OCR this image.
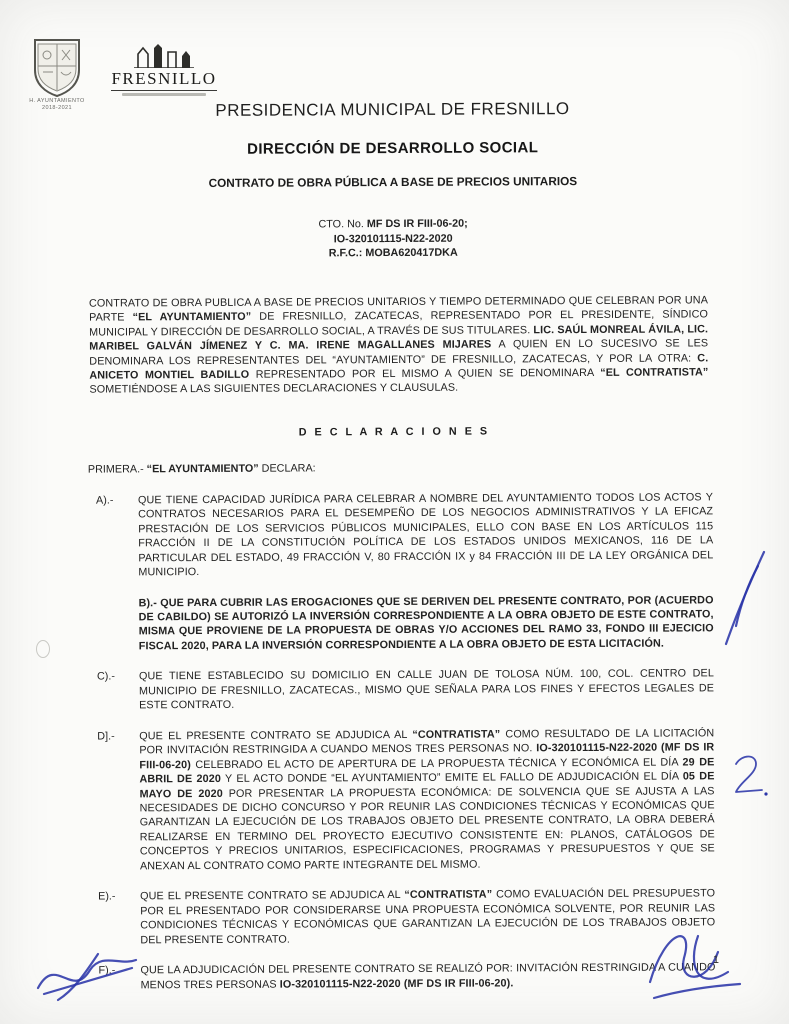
H. AYUNTAMIENTO
2018-2021
FRESNILLO
PRESIDENCIA MUNICIPAL DE FRESNILLO
DIRECCIÓN DE DESARROLLO SOCIAL
CONTRATO DE OBRA PÚBLICA A BASE DE PRECIOS UNITARIOS

CTO. No. MF DS IR FIII-06-20;

IO-320101115-N22-2020

R.F.C.: MOBA620417DKA

CONTRATO DE OBRA PUBLICA A BASE DE PRECIOS UNITARIOS Y TIEMPO DETERMINADO QUE CELEBRAN POR UNA PARTE “EL AYUNTAMIENTO” DE FRESNILLO, ZACATECAS, REPRESENTADO POR EL PRESIDENTE, SÍNDICO MUNICIPAL Y DIRECCIÓN DE DESARROLLO SOCIAL, A TRAVÉS DE SUS TITULARES. LIC. SAÚL MONREAL ÁVILA, LIC. MARIBEL GALVÁN JÍMENEZ Y C. MA. IRENE MAGALLANES MIJARES A QUIEN EN LO SUCESIVO SE LES DENOMINARA LOS REPRESENTANTES DEL “AYUNTAMIENTO” DE FRESNILLO, ZACATECAS, Y POR LA OTRA: C. ANICETO MONTIEL BADILLO REPRESENTADO POR EL MISMO A QUIEN SE DENOMINARA “EL CONTRATISTA” SOMETIÉNDOSE A LAS SIGUIENTES DECLARACIONES Y CLAUSULAS.

D E C L A R A C I O N E S

PRIMERA.- “EL AYUNTAMIENTO” DECLARA:

A).-	QUE TIENE CAPACIDAD JURÍDICA PARA CELEBRAR A NOMBRE DEL AYUNTAMIENTO TODOS LOS ACTOS Y CONTRATOS NECESARIOS PARA EL DESEMPEÑO DE LOS NEGOCIOS ADMINISTRATIVOS Y LA EFICAZ PRESTACIÓN DE LOS SERVICIOS PÚBLICOS MUNICIPALES, ELLO CON BASE EN LOS ARTÍCULOS 115 FRACCIÓN II DE LA CONSTITUCIÓN POLÍTICA DE LOS ESTADOS UNIDOS MEXICANOS, 116 DE LA PARTICULAR DEL ESTADO, 49 FRACCIÓN V, 80 FRACCIÓN IX y 84 FRACCIÓN III DE LA LEY ORGÁNICA DEL MUNICIPIO.
B).- QUE PARA CUBRIR LAS EROGACIONES QUE SE DERIVEN DEL PRESENTE CONTRATO, POR (ACUERDO DE CABILDO) SE AUTORIZÓ LA INVERSIÓN CORRESPONDIENTE A LA OBRA OBJETO DE ESTE CONTRATO, MISMA QUE PROVIENE DE LA PROPUESTA DE OBRAS Y/O ACCIONES DEL RAMO 33, FONDO III EJECICIO FISCAL 2020, PARA LA INVERSIÓN CORRESPONDIENTE A LA OBRA OBJETO DE ESTA LICITACIÓN.
C).-	QUE TIENE ESTABLECIDO SU DOMICILIO EN CALLE JUAN DE TOLOSA NÚM. 100, COL. CENTRO DEL MUNICIPIO DE FRESNILLO, ZACATECAS., MISMO QUE SEÑALA PARA LOS FINES Y EFECTOS LEGALES DE ESTE CONTRATO.
D].-	QUE EL PRESENTE CONTRATO SE ADJUDICA AL “CONTRATISTA” COMO RESULTADO DE LA LICITACIÓN POR INVITACIÓN RESTRINGIDA A CUANDO MENOS TRES PERSONAS NO. IO-320101115-N22-2020 (MF DS IR FIII-06-20) CELEBRADO EL ACTO DE APERTURA DE LA PROPUESTA TÉCNICA Y ECONÓMICA EL DÍA 29 DE ABRIL DE 2020 Y EL ACTO DONDE “EL AYUNTAMIENTO” EMITE EL FALLO DE ADJUDICACIÓN EL DÍA 05 DE MAYO DE 2020 POR PRESENTAR LA PROPUESTA ECONÓMICA: DE SOLVENCIA QUE SE AJUSTA A LAS NECESIDADES DE DICHO CONCURSO Y POR REUNIR LAS CONDICIONES TÉCNICAS Y ECONÓMICAS QUE GARANTIZAN LA EJECUCIÓN DE LOS TRABAJOS OBJETO DEL PRESENTE CONTRATO, LA OBRA DEBERÁ REALIZARSE EN TERMINO DEL PROYECTO EJECUTIVO CONSISTENTE EN: PLANOS, CATÁLOGOS DE CONCEPTOS Y PRECIOS UNITARIOS, ESPECIFICACIONES, PROGRAMAS Y PRESUPUESTOS Y QUE SE ANEXAN AL CONTRATO COMO PARTE INTEGRANTE DEL MISMO.
E).-	QUE EL PRESENTE CONTRATO SE ADJUDICA AL “CONTRATISTA” COMO EVALUACIÓN DEL PRESUPUESTO POR EL PRESENTADO POR CONSIDERARSE UNA PROPUESTA ECONÓMICA SOLVENTE, POR REUNIR LAS CONDICIONES TÉCNICAS Y ECONÓMICAS QUE GARANTIZAN LA EJECUCIÓN DE LOS TRABAJOS OBJETO DEL PRESENTE CONTRATO.
F).-	QUE LA ADJUDICACIÓN DEL PRESENTE CONTRATO SE REALIZÓ POR: INVITACIÓN RESTRINGIDA A CUANDO MENOS TRES PERSONAS IO-320101115-N22-2020 (MF DS IR FIII-06-20).
1
